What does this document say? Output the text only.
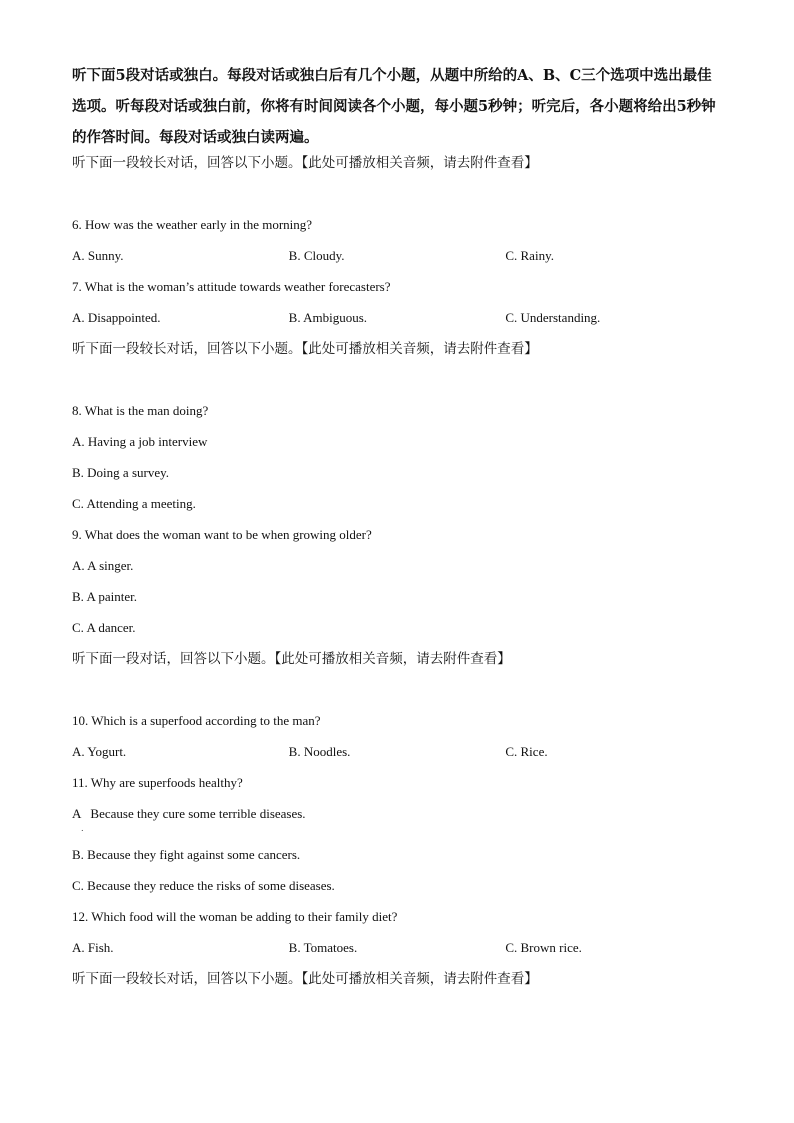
听下面5段对话或独白。每段对话或独白后有几个小题，从题中所给的A、B、C三个选项中选出最佳选项。听每段对话或独白前，你将有时间阅读各个小题，每小题5秒钟；听完后，各小题将给出5秒钟的作答时间。每段对话或独白读两遍。

听下面一段较长对话，回答以下小题。【此处可播放相关音频，请去附件查看】

6. How was the weather early in the morning?

A. Sunny.	B. Cloudy.	C. Rainy.

7. What is the woman’s attitude towards weather forecasters?

A. Disappointed.	B. Ambiguous.	C. Understanding.

听下面一段较长对话，回答以下小题。【此处可播放相关音频，请去附件查看】

8. What is the man doing?

A. Having a job interview

B. Doing a survey.

C. Attending a meeting.

9. What does the woman want to be when growing older?

A. A singer.

B. A painter.

C. A dancer.

听下面一段对话，回答以下小题。【此处可播放相关音频，请去附件查看】

10. Which is a superfood according to the man?

A. Yogurt.	B. Noodles.	C. Rice.

11. Why are superfoods healthy?

A   Because they cure some terrible diseases.

.

B. Because they fight against some cancers.

C. Because they reduce the risks of some diseases.

12. Which food will the woman be adding to their family diet?

A. Fish.	B. Tomatoes.	C. Brown rice.

听下面一段较长对话，回答以下小题。【此处可播放相关音频，请去附件查看】
